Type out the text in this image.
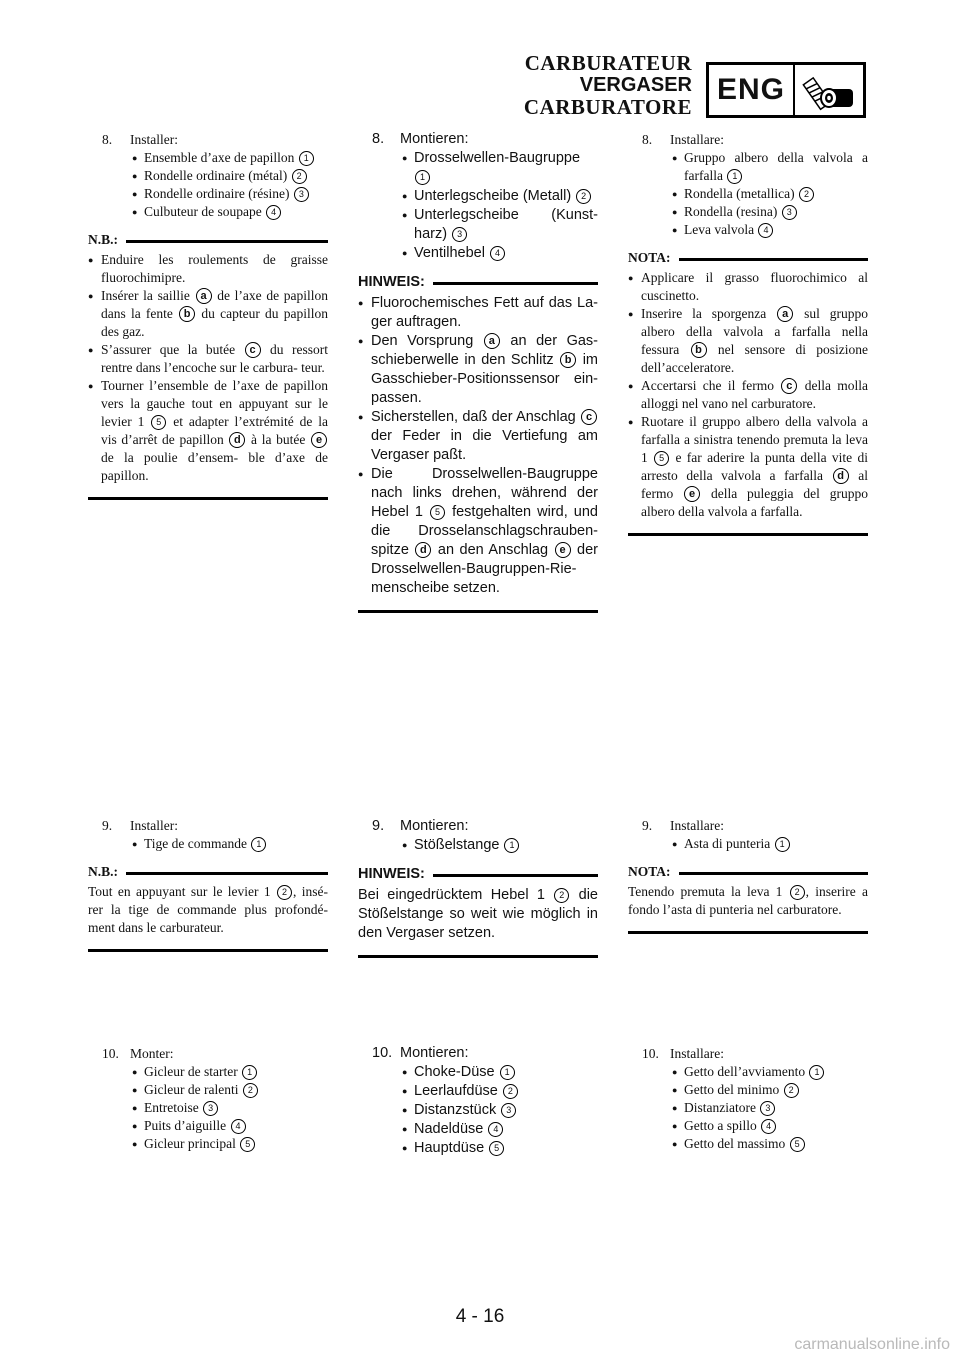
CARBURATEUR
VERGASER
CARBURATORE
ENG

8. Installer:

● Ensemble d’axe de papillon 1
● Rondelle ordinaire (métal) 2
● Rondelle ordinaire (résine) 3
● Culbuteur de soupape 4
N.B.:
● Enduire les roulements de graisse fluorochimipre.
● Insérer la saillie a de l’axe de papillon dans la fente b du capteur du papillon des gaz.
● S’assurer que la butée c du ressort rentre dans l’encoche sur le carbura- teur.
● Tourner l’ensemble de l’axe de papillon vers la gauche tout en appuyant sur le levier 1 5 et adapter l’extrémité de la vis d’arrêt de papillon d à la butée e de la poulie d’ensem- ble d’axe de papillon.

9. Installer:

● Tige de commande 1
N.B.:

Tout en appuyant sur le levier 1 2 , insé- rer la tige de commande plus profondé- ment dans le carburateur.

10. Monter:

● Gicleur de starter 1
● Gicleur de ralenti 2
● Entretoise 3
● Puits d’aiguille 4
● Gicleur principal 5

8. Montieren:

● Drosselwellen-Baugruppe 1
● Unterlegscheibe (Metall) 2
● Unterlegscheibe (Kunst- harz) 3
● Ventilhebel 4
HINWEIS:
● Fluorochemisches Fett auf das La- ger auftragen.
● Den Vorsprung a an der Gas- schieberwelle in den Schlitz b im Gasschieber-Positionssensor ein- passen.
● Sicherstellen, daß der Anschlag c der Feder in die Vertiefung am Vergaser paßt.
● Die Drosselwellen-Baugruppe nach links drehen, während der Hebel 1 5 festgehalten wird, und die Drosselanschlagschrauben- spitze d an den Anschlag e der Drosselwellen-Baugruppen-Rie- menscheibe setzen.

9. Montieren:

● Stößelstange 1
HINWEIS:

Bei eingedrücktem Hebel 1 2 die Stößelstange so weit wie möglich in den Vergaser setzen.

10. Montieren:

● Choke-Düse 1
● Leerlaufdüse 2
● Distanzstück 3
● Nadeldüse 4
● Hauptdüse 5

8. Installare:

● Gruppo albero della valvola a farfalla 1
● Rondella (metallica) 2
● Rondella (resina) 3
● Leva valvola 4
NOTA:
● Applicare il grasso fluorochimico al cuscinetto.
● Inserire la sporgenza a sul gruppo albero della valvola a farfalla nella fessura b nel sensore di posizione dell’acceleratore.
● Accertarsi che il fermo c della molla alloggi nel vano nel carburatore.
● Ruotare il gruppo albero della valvola a farfalla a sinistra tenendo premuta la leva 1 5 e far aderire la punta della vite di arresto della valvola a farfalla d al fermo e della puleggia del gruppo albero della valvola a farfalla.

9. Installare:

● Asta di punteria 1
NOTA:

Tenendo premuta la leva 1 2 , inserire a fondo l’asta di punteria nel carburatore.

10. Installare:

● Getto dell’avviamento 1
● Getto del minimo 2
● Distanziatore 3
● Getto a spillo 4
● Getto del massimo 5
4 - 16
carmanualsonline.info
